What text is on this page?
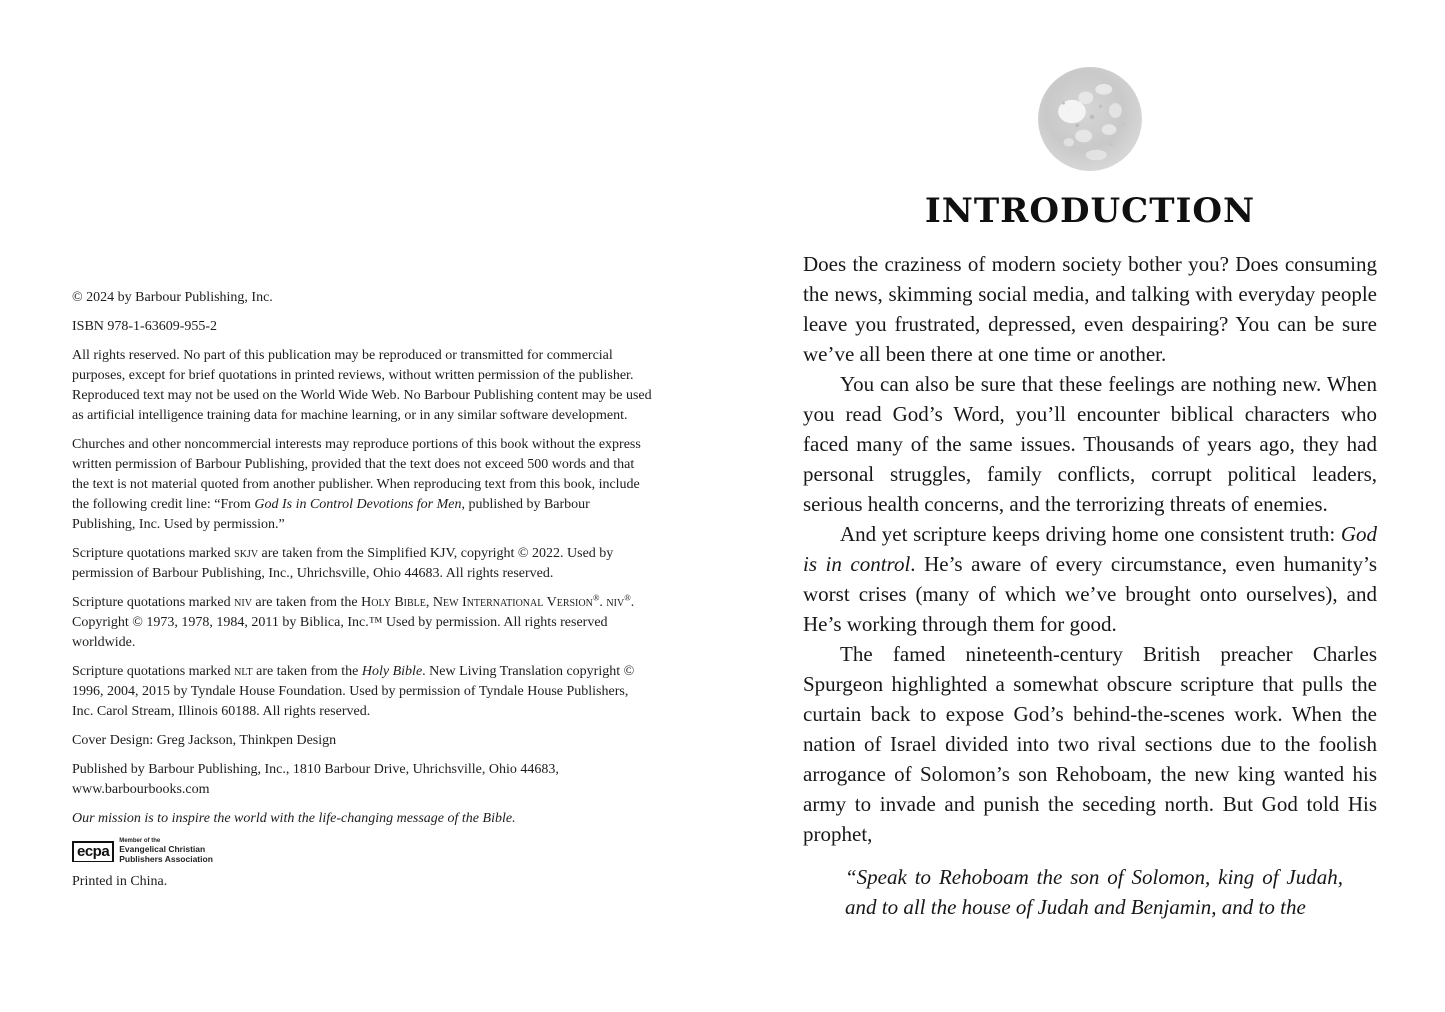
© 2024 by Barbour Publishing, Inc.

ISBN 978-1-63609-955-2

All rights reserved. No part of this publication may be reproduced or transmitted for commercial purposes, except for brief quotations in printed reviews, without written permission of the publisher. Reproduced text may not be used on the World Wide Web. No Barbour Publishing content may be used as artificial intelligence training data for machine learning, or in any similar software development.

Churches and other noncommercial interests may reproduce portions of this book without the express written permission of Barbour Publishing, provided that the text does not exceed 500 words and that the text is not material quoted from another publisher. When reproducing text from this book, include the following credit line: “From God Is in Control Devotions for Men, published by Barbour Publishing, Inc. Used by permission.”

Scripture quotations marked skjv are taken from the Simplified KJV, copyright © 2022. Used by permission of Barbour Publishing, Inc., Uhrichsville, Ohio 44683. All rights reserved.

Scripture quotations marked niv are taken from the Holy Bible, New International Version®. niv®. Copyright © 1973, 1978, 1984, 2011 by Biblica, Inc.™ Used by permission. All rights reserved worldwide.

Scripture quotations marked nlt are taken from the Holy Bible. New Living Translation copyright © 1996, 2004, 2015 by Tyndale House Foundation. Used by permission of Tyndale House Publishers, Inc. Carol Stream, Illinois 60188. All rights reserved.

Cover Design: Greg Jackson, Thinkpen Design

Published by Barbour Publishing, Inc., 1810 Barbour Drive, Uhrichsville, Ohio 44683, www.barbourbooks.com

Our mission is to inspire the world with the life-changing message of the Bible.

ecpa
Member of the
Evangelical Christian
Publishers Association

Printed in China.

INTRODUCTION

Does the craziness of modern society bother you? Does consuming the news, skimming social media, and talking with everyday people leave you frustrated, depressed, even despairing? You can be sure we’ve all been there at one time or another.

You can also be sure that these feelings are nothing new. When you read God’s Word, you’ll encounter biblical characters who faced many of the same issues. Thousands of years ago, they had personal struggles, family conflicts, corrupt political leaders, serious health concerns, and the terrorizing threats of enemies.

And yet scripture keeps driving home one consistent truth: God is in control. He’s aware of every circumstance, even humanity’s worst crises (many of which we’ve brought onto ourselves), and He’s working through them for good.

The famed nineteenth-century British preacher Charles Spurgeon highlighted a somewhat obscure scripture that pulls the curtain back to expose God’s behind-the-scenes work. When the nation of Israel divided into two rival sections due to the foolish arrogance of Solomon’s son Rehoboam, the new king wanted his army to invade and punish the seceding north. But God told His prophet,

“Speak to Rehoboam the son of Solomon, king of Judah, and to all the house of Judah and Benjamin, and to the
